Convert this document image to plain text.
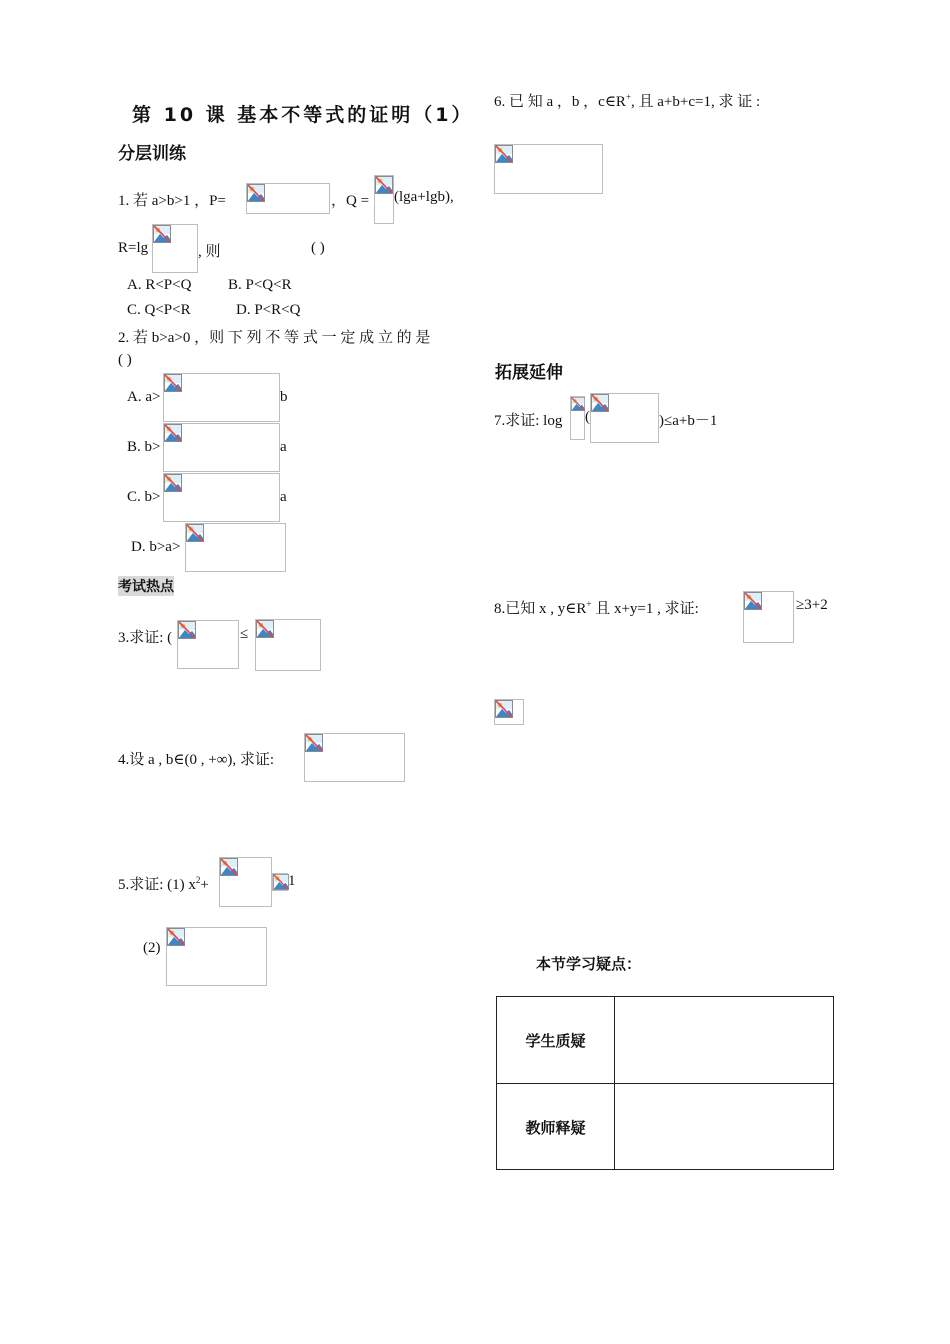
第 10 课 基本不等式的证明（1）
分层训练
1. 若 a>b>1 ，P=	，Q = (lga+lgb),
R=lg	, 则	( )
A. R<P<Q B. P<Q<R
C. Q<P<R	D. P<R<Q
2. 若 b>a>0 ，则 下 列 不 等 式 一 定 成 立 的 是
( )
A. a>	b
B. b>	a
C. b>	a
D. b>a>
考试热点
3.求证: (	≤
4.设 a , b∈(0 , +∞), 求证:
5.求证: (1) $x^2+$	1
(2)
6. 已 知 a ，b ，c∈R+, 且 a+b+c=1, 求 证 :
拓展延伸
7.求证: log (	)≤a+b－1
8.已知 x , y∈R+ 且 x+y=1 , 求证:	≥3+2
本节学习疑点：
学生质疑
教师释疑
